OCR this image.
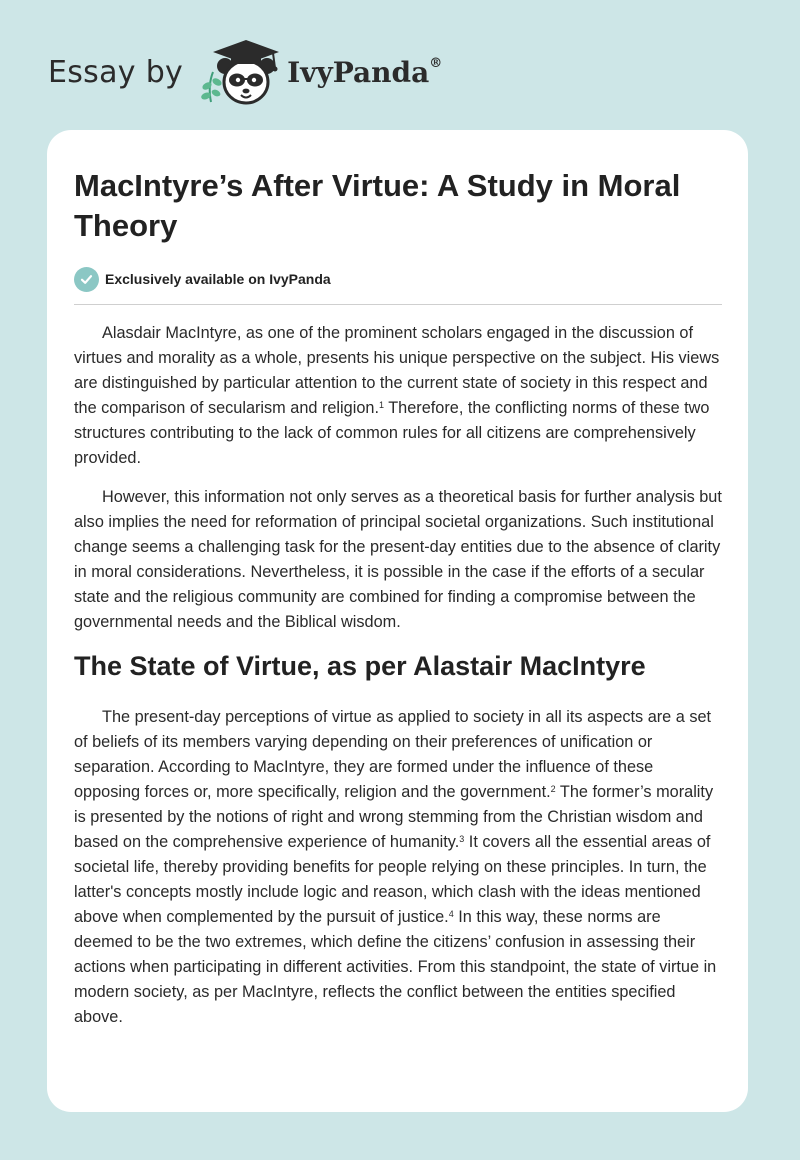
Essay by	IvyPanda®
MacIntyre’s After Virtue: A Study in Moral Theory
Exclusively available on IvyPanda

Alasdair MacIntyre, as one of the prominent scholars engaged in the discussion of virtues and morality as a whole, presents his unique perspective on the subject. His views are distinguished by particular attention to the current state of society in this respect and the comparison of secularism and religion.$^1$ Therefore, the conflicting norms of these two structures contributing to the lack of common rules for all citizens are comprehensively provided.

However, this information not only serves as a theoretical basis for further analysis but also implies the need for reformation of principal societal organizations. Such institutional change seems a challenging task for the present-day entities due to the absence of clarity in moral considerations. Nevertheless, it is possible in the case if the efforts of a secular state and the religious community are combined for finding a compromise between the governmental needs and the Biblical wisdom.

The State of Virtue, as per Alastair MacIntyre

The present-day perceptions of virtue as applied to society in all its aspects are a set of beliefs of its members varying depending on their preferences of unification or separation. According to MacIntyre, they are formed under the influence of these opposing forces or, more specifically, religion and the government.$^2$ The former’s morality is presented by the notions of right and wrong stemming from the Christian wisdom and based on the comprehensive experience of humanity.$^3$ It covers all the essential areas of societal life, thereby providing benefits for people relying on these principles. In turn, the latter's concepts mostly include logic and reason, which clash with the ideas mentioned above when complemented by the pursuit of justice.$^4$ In this way, these norms are deemed to be the two extremes, which define the citizens’ confusion in assessing their actions when participating in different activities. From this standpoint, the state of virtue in modern society, as per MacIntyre, reflects the conflict between the entities specified above.
